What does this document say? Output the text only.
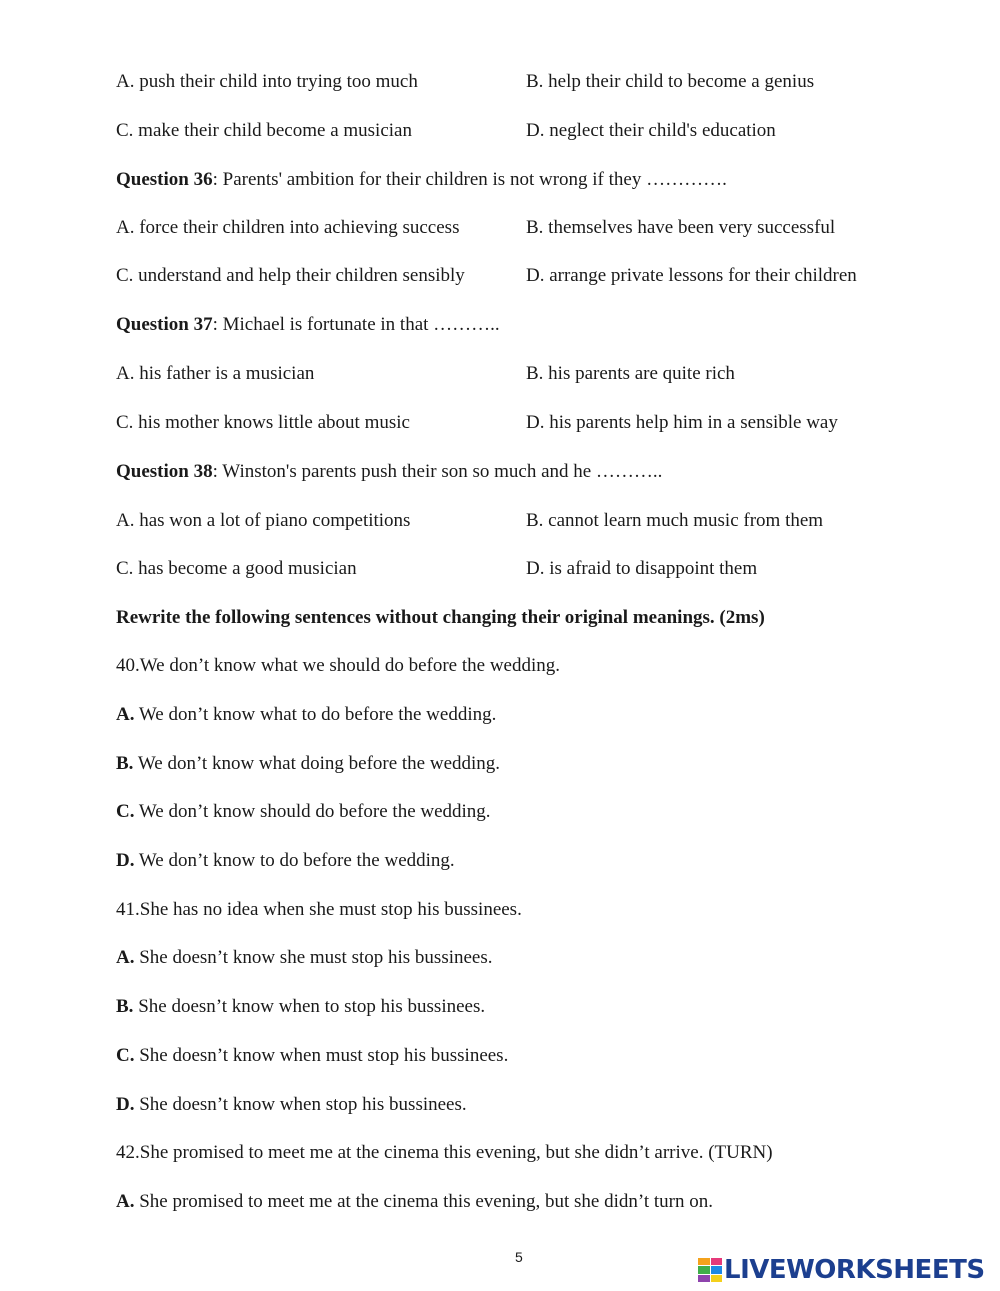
A. push their child into trying too much	B. help their child to become a genius
C. make their child become a musician	D. neglect their child's education
Question 36: Parents' ambition for their children is not wrong if they ………….
A. force their children into achieving success	B. themselves have been very successful
C. understand and help their children sensibly	D. arrange private lessons for their children
Question 37: Michael is fortunate in that ………..
A. his father is a musician	B. his parents are quite rich
C. his mother knows little about music	D. his parents help him in a sensible way
Question 38: Winston's parents push their son so much and he ………..
A. has won a lot of piano competitions	B. cannot learn much music from them
C. has become a good musician	D. is afraid to disappoint them
Rewrite the following sentences without changing their original meanings. (2ms)
40.We don’t know what we should do before the wedding.
A. We don’t know what to do before the wedding.
B. We don’t know what doing before the wedding.
C. We don’t know should do before the wedding.
D. We don’t know to do before the wedding.
41.She has no idea when she must stop his bussinees.
A. She doesn’t know she must stop his bussinees.
B. She doesn’t know when to stop his bussinees.
C. She doesn’t know when must stop his bussinees.
D. She doesn’t know when stop his bussinees.
42.She promised to meet me at the cinema this evening, but she didn’t arrive. (TURN)
A. She promised to meet me at the cinema this evening, but she didn’t turn on.
5	LIVEWORKSHEETS
